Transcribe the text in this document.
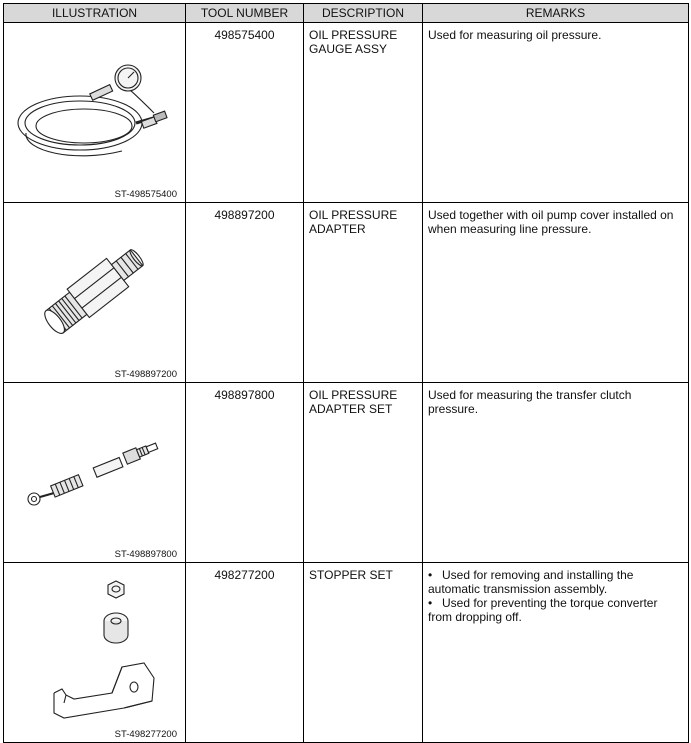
ILLUSTRATION	TOOL NUMBER	DESCRIPTION	REMARKS

ST-498575400	498575400	OIL PRESSURE GAUGE ASSY	Used for measuring oil pressure.

ST-498897200	498897200	OIL PRESSURE ADAPTER	Used together with oil pump cover installed on when measuring line pressure.

ST-498897800	498897800	OIL PRESSURE ADAPTER SET	Used for measuring the transfer clutch pressure.

ST-498277200	498277200	STOPPER SET	• Used for removing and installing the automatic transmission assembly.
• Used for preventing the torque converter from dropping off.
